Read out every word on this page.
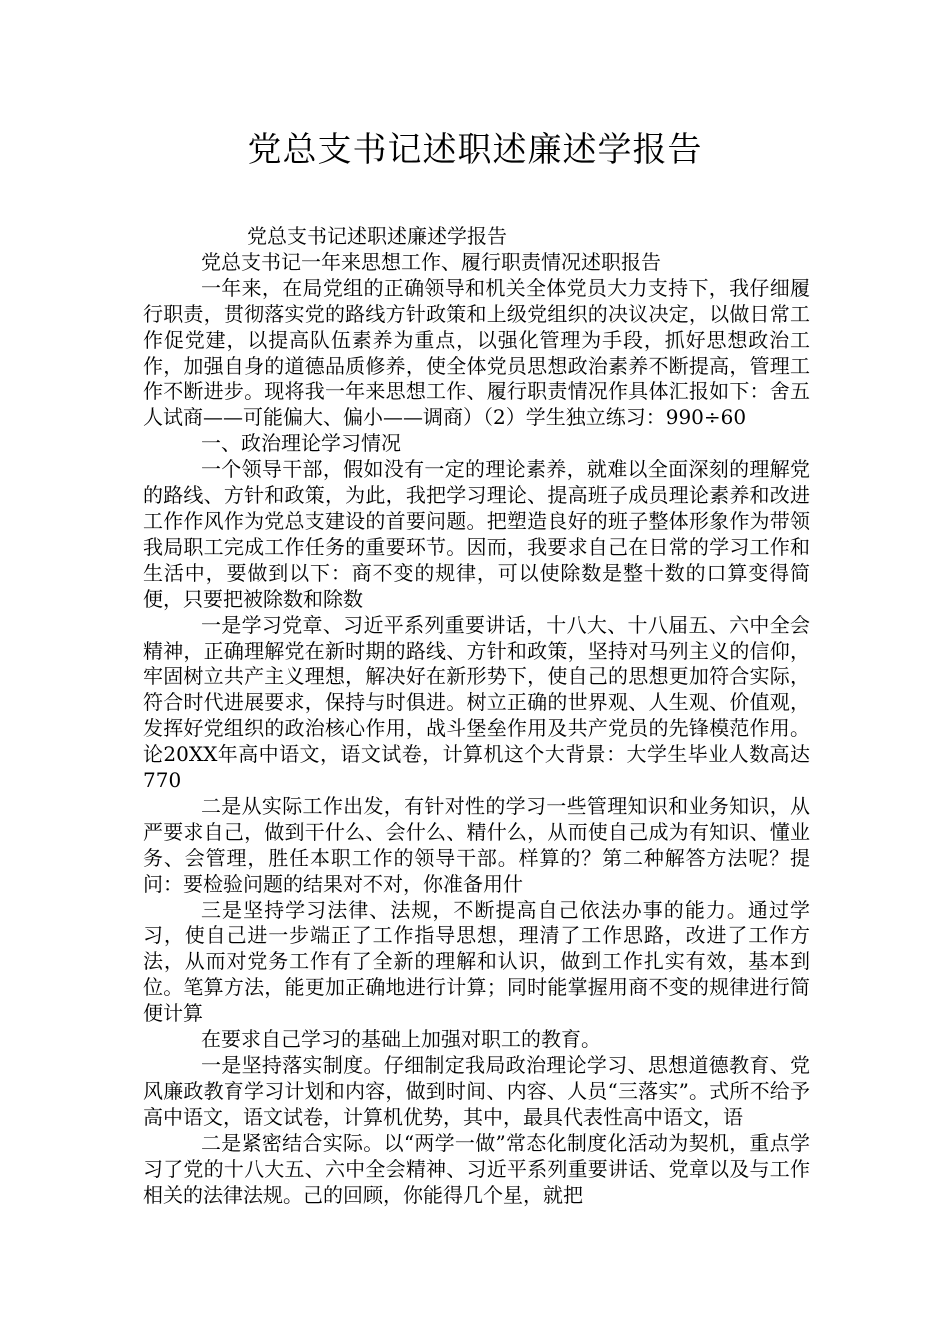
党总支书记述职述廉述学报告

党总支书记述职述廉述学报告

党总支书记一年来思想工作、履行职责情况述职报告

一年来，在局党组的正确领导和机关全体党员大力支持下，我仔细履行职责，贯彻落实党的路线方针政策和上级党组织的决议决定，以做日常工作促党建，以提高队伍素养为重点，以强化管理为手段，抓好思想政治工作，加强自身的道德品质修养，使全体党员思想政治素养不断提高，管理工作不断进步。现将我一年来思想工作、履行职责情况作具体汇报如下：舍五人试商——可能偏大、偏小——调商）（2）学生独立练习：990÷60

一、政治理论学习情况

一个领导干部，假如没有一定的理论素养，就难以全面深刻的理解党的路线、方针和政策，为此，我把学习理论、提高班子成员理论素养和改进工作作风作为党总支建设的首要问题。把塑造良好的班子整体形象作为带领我局职工完成工作任务的重要环节。因而，我要求自己在日常的学习工作和生活中，要做到以下：商不变的规律，可以使除数是整十数的口算变得简便，只要把被除数和除数

一是学习党章、习近平系列重要讲话，十八大、十八届五、六中全会精神，正确理解党在新时期的路线、方针和政策，坚持对马列主义的信仰，牢固树立共产主义理想，解决好在新形势下，使自己的思想更加符合实际，符合时代进展要求，保持与时俱进。树立正确的世界观、人生观、价值观，发挥好党组织的政治核心作用，战斗堡垒作用及共产党员的先锋模范作用。论20XX年高中语文，语文试卷，计算机这个大背景：大学生毕业人数高达770

二是从实际工作出发，有针对性的学习一些管理知识和业务知识，从严要求自己，做到干什么、会什么、精什么，从而使自己成为有知识、懂业务、会管理，胜任本职工作的领导干部。样算的？第二种解答方法呢？提问：要检验问题的结果对不对，你准备用什

三是坚持学习法律、法规，不断提高自己依法办事的能力。通过学习，使自己进一步端正了工作指导思想，理清了工作思路，改进了工作方法，从而对党务工作有了全新的理解和认识，做到工作扎实有效，基本到位。笔算方法，能更加正确地进行计算；同时能掌握用商不变的规律进行简便计算

在要求自己学习的基础上加强对职工的教育。

一是坚持落实制度。仔细制定我局政治理论学习、思想道德教育、党风廉政教育学习计划和内容，做到时间、内容、人员“三落实”。式所不给予高中语文，语文试卷，计算机优势，其中，最具代表性高中语文，语

二是紧密结合实际。以“两学一做”常态化制度化活动为契机，重点学习了党的十八大五、六中全会精神、习近平系列重要讲话、党章以及与工作相关的法律法规。己的回顾，你能得几个星，就把
